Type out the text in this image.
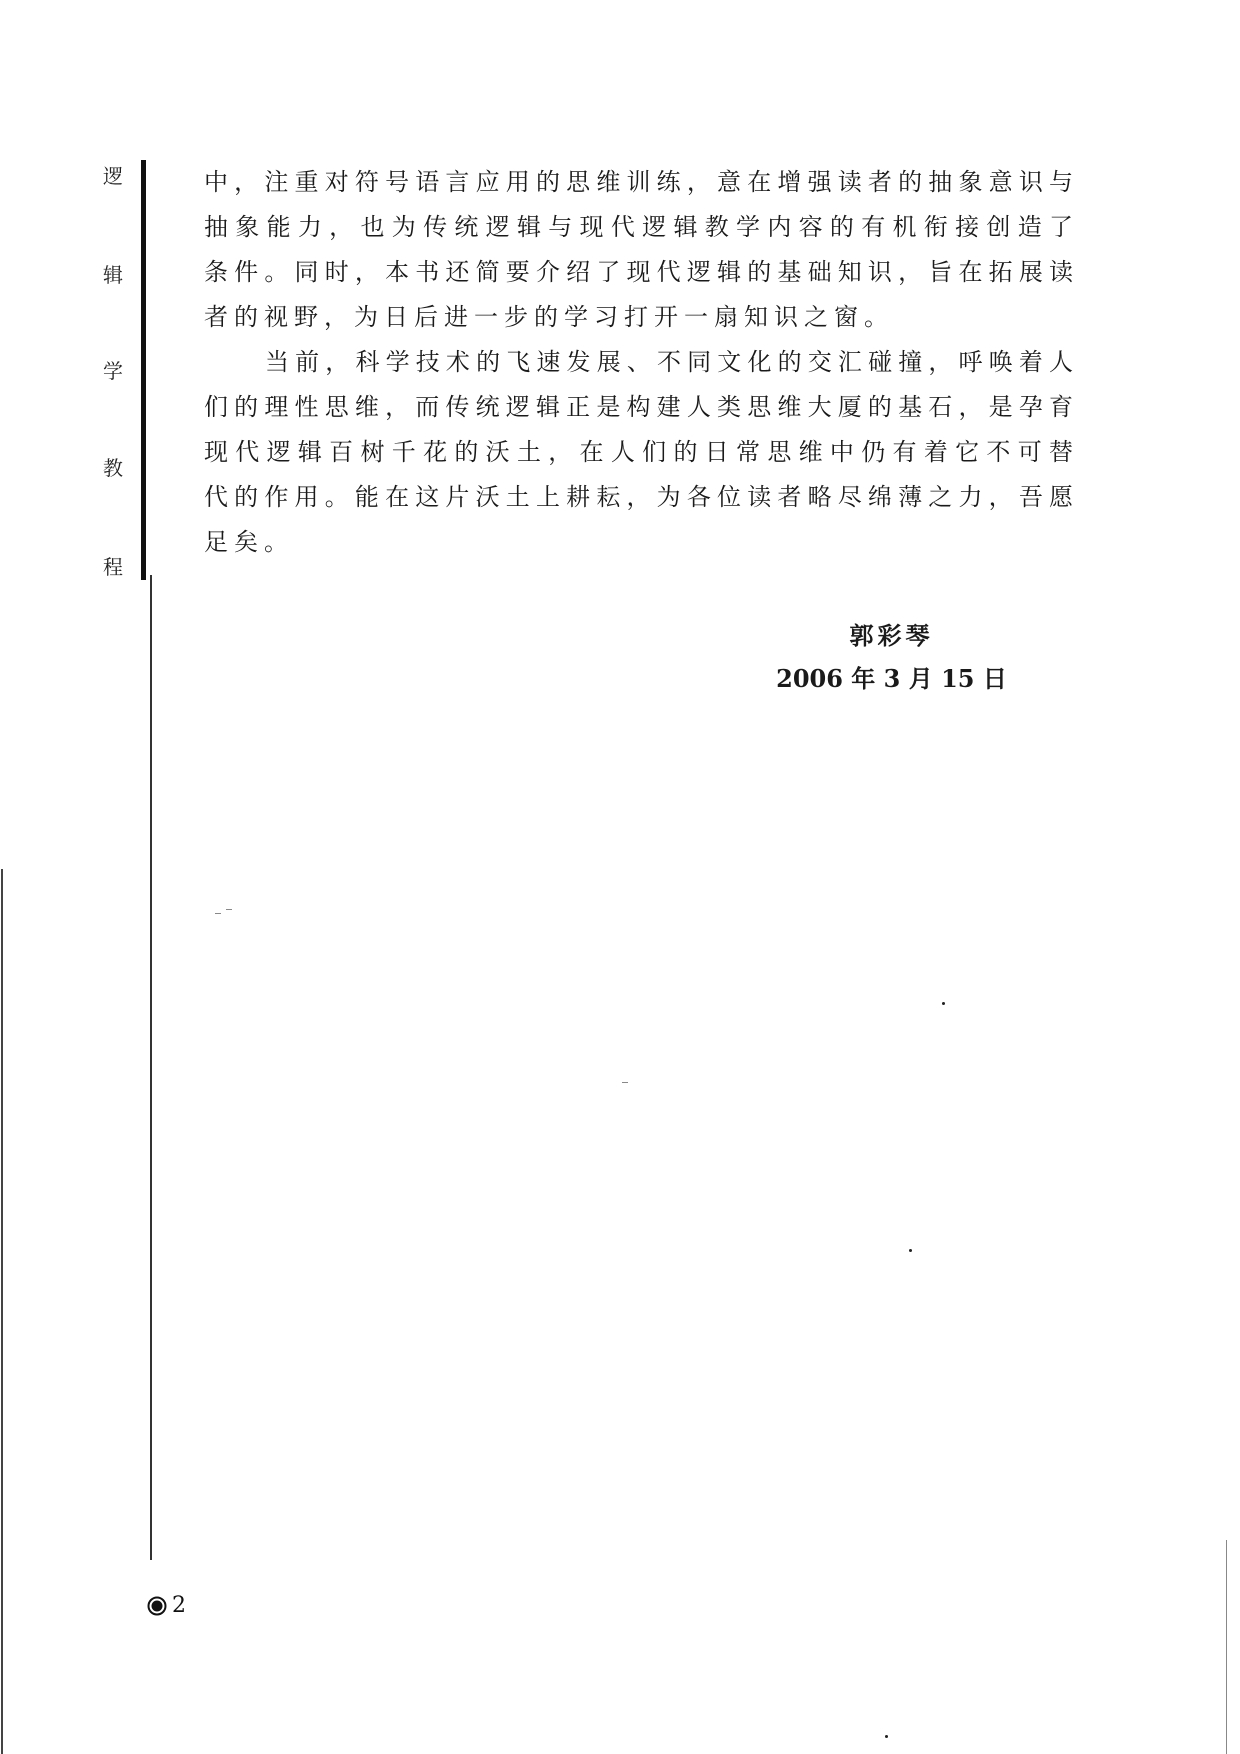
逻
辑
学
教
程
中，注重对符号语言应用的思维训练，意在增强读者的抽象意识与
抽象能力，也为传统逻辑与现代逻辑教学内容的有机衔接创造了
条件。同时，本书还简要介绍了现代逻辑的基础知识，旨在拓展读
者的视野，为日后进一步的学习打开一扇知识之窗。
当前，科学技术的飞速发展、不同文化的交汇碰撞，呼唤着人
们的理性思维，而传统逻辑正是构建人类思维大厦的基石，是孕育
现代逻辑百树千花的沃土，在人们的日常思维中仍有着它不可替
代的作用。能在这片沃土上耕耘，为各位读者略尽绵薄之力，吾愿
足矣。
郭彩琴
2006 年 3 月 15 日
2
